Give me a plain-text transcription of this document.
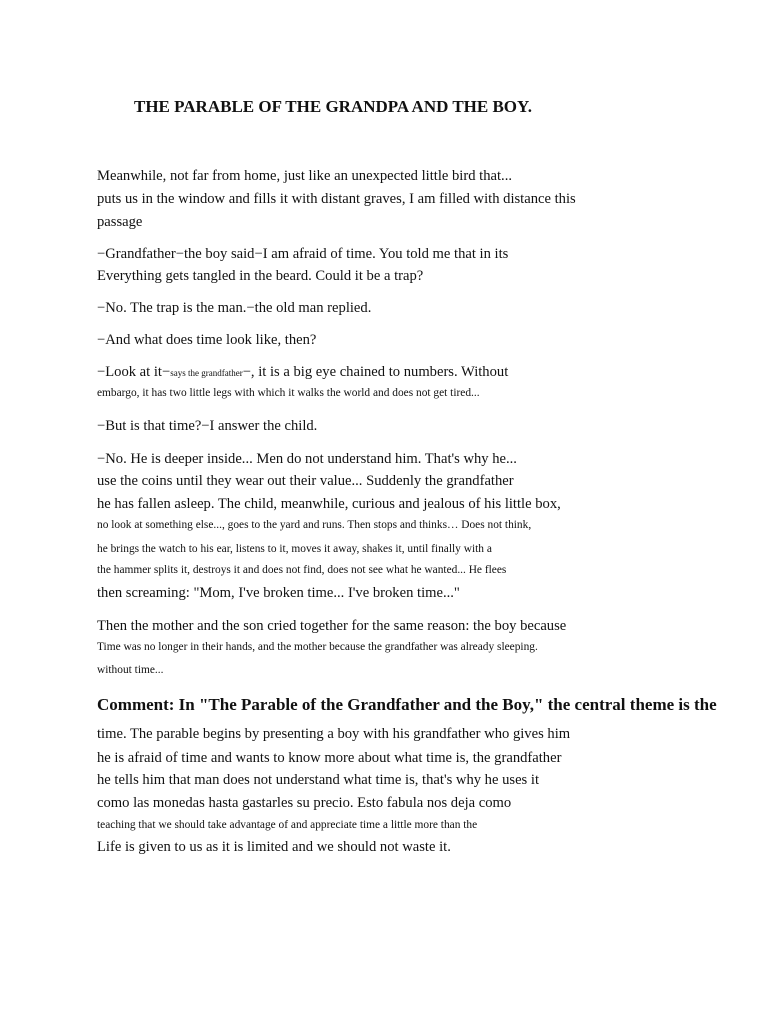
THE PARABLE OF THE GRANDPA AND THE BOY.

Meanwhile, not far from home, just like an unexpected little bird that...

puts us in the window and fills it with distant graves, I am filled with distance this

passage

−Grandfather−the boy said−I am afraid of time. You told me that in its

Everything gets tangled in the beard. Could it be a trap?

−No. The trap is the man.−the old man replied.

−And what does time look like, then?

−Look at it−says the grandfather−, it is a big eye chained to numbers. Without

embargo, it has two little legs with which it walks the world and does not get tired...

−But is that time?−I answer the child.

−No. He is deeper inside... Men do not understand him. That's why he...

use the coins until they wear out their value... Suddenly the grandfather

he has fallen asleep. The child, meanwhile, curious and jealous of his little box,

no look at something else..., goes to the yard and runs. Then stops and thinks… Does not think,

he brings the watch to his ear, listens to it, moves it away, shakes it, until finally with a

the hammer splits it, destroys it and does not find, does not see what he wanted... He flees

then screaming: "Mom, I've broken time... I've broken time..."

Then the mother and the son cried together for the same reason: the boy because

Time was no longer in their hands, and the mother because the grandfather was already sleeping.

without time...

Comment: In "The Parable of the Grandfather and the Boy," the central theme is the

time. The parable begins by presenting a boy with his grandfather who gives him

he is afraid of time and wants to know more about what time is, the grandfather

he tells him that man does not understand what time is, that's why he uses it

como las monedas hasta gastarles su precio. Esto fabula nos deja como

teaching that we should take advantage of and appreciate time a little more than the

Life is given to us as it is limited and we should not waste it.
